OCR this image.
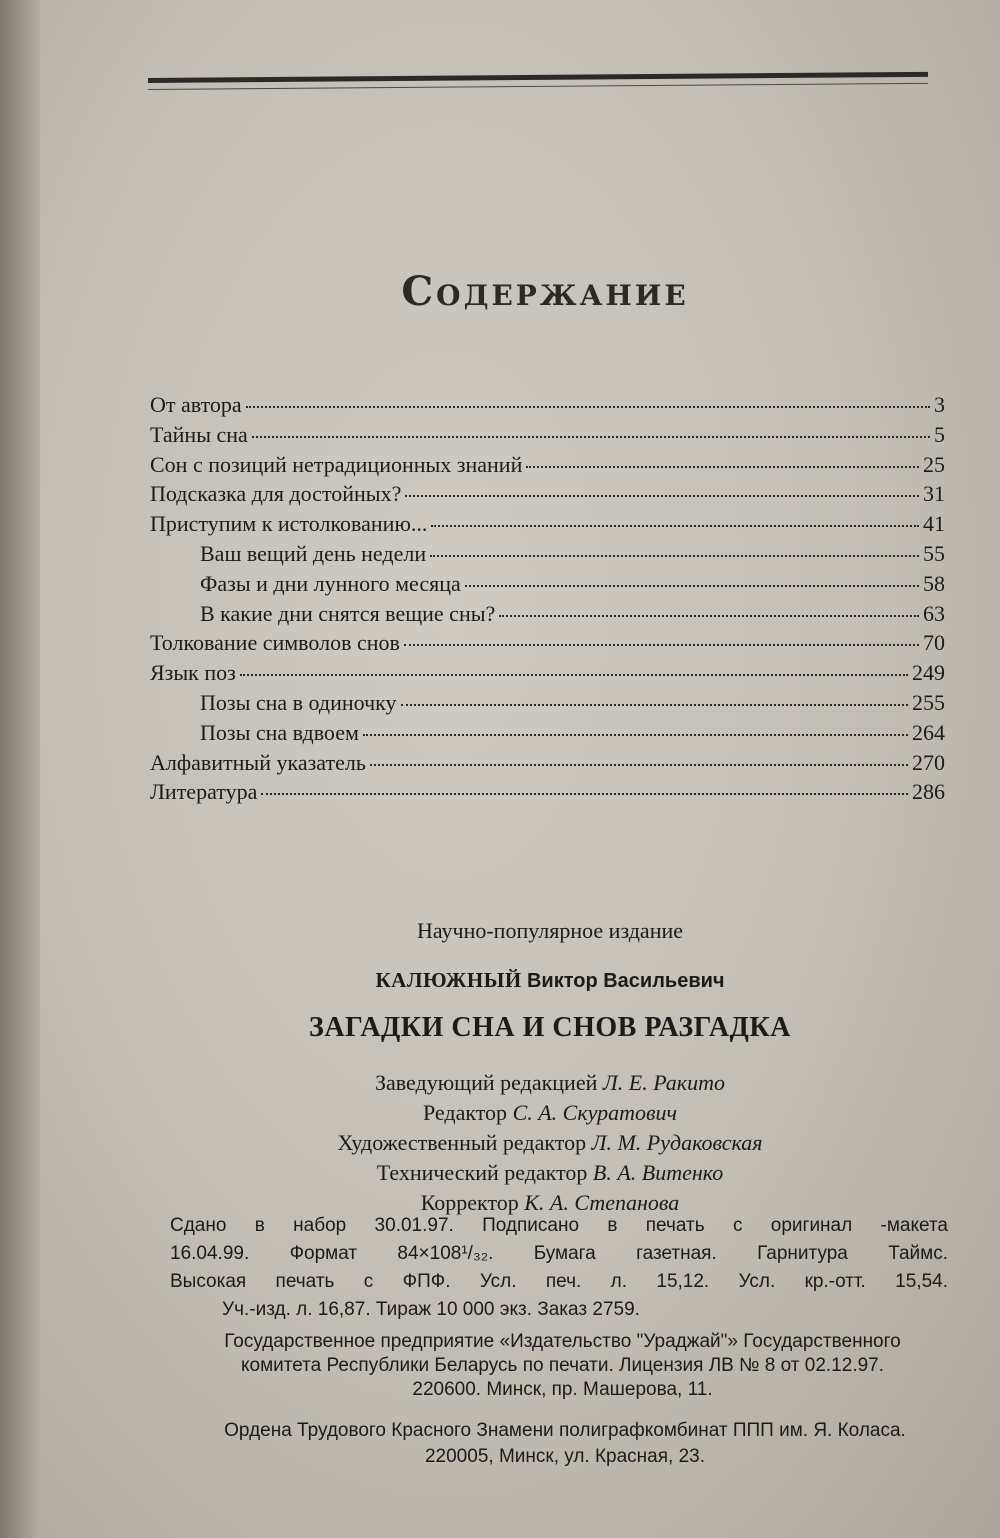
Содержание
От автора	3
Тайны сна	5
Сон с позиций нетрадиционных знаний	25
Подсказка для достойных?	31
Приступим к истолкованию...	41
Ваш вещий день недели	55
Фазы и дни лунного месяца	58
В какие дни снятся вещие сны?	63
Толкование символов снов	70
Язык поз	249
Позы сна в одиночку	255
Позы сна вдвоем	264
Алфавитный указатель	270
Литература	286
Научно-популярное издание
КАЛЮЖНЫЙ Виктор Васильевич
ЗАГАДКИ СНА И СНОВ РАЗГАДКА
Заведующий редакцией Л. Е. Ракито
Редактор С. А. Скуратович
Художественный редактор Л. М. Рудаковская
Технический редактор В. А. Витенко
Корректор К. А. Степанова
Сдано в набор 30.01.97. Подписано в печать с оригинал -макета
16.04.99. Формат 84×108¹/₃₂. Бумага газетная. Гарнитура Таймс.
Высокая печать с ФПФ. Усл. печ. л. 15,12. Усл. кр.-отт. 15,54.
Уч.-изд. л. 16,87. Тираж 10 000 экз. Заказ 2759.
Государственное предприятие «Издательство "Ураджай"» Государственного
комитета Республики Беларусь по печати. Лицензия ЛВ № 8 от 02.12.97.
220600. Минск, пр. Машерова, 11.
Ордена Трудового Красного Знамени полиграфкомбинат ППП им. Я. Коласа.
220005, Минск, ул. Красная, 23.
